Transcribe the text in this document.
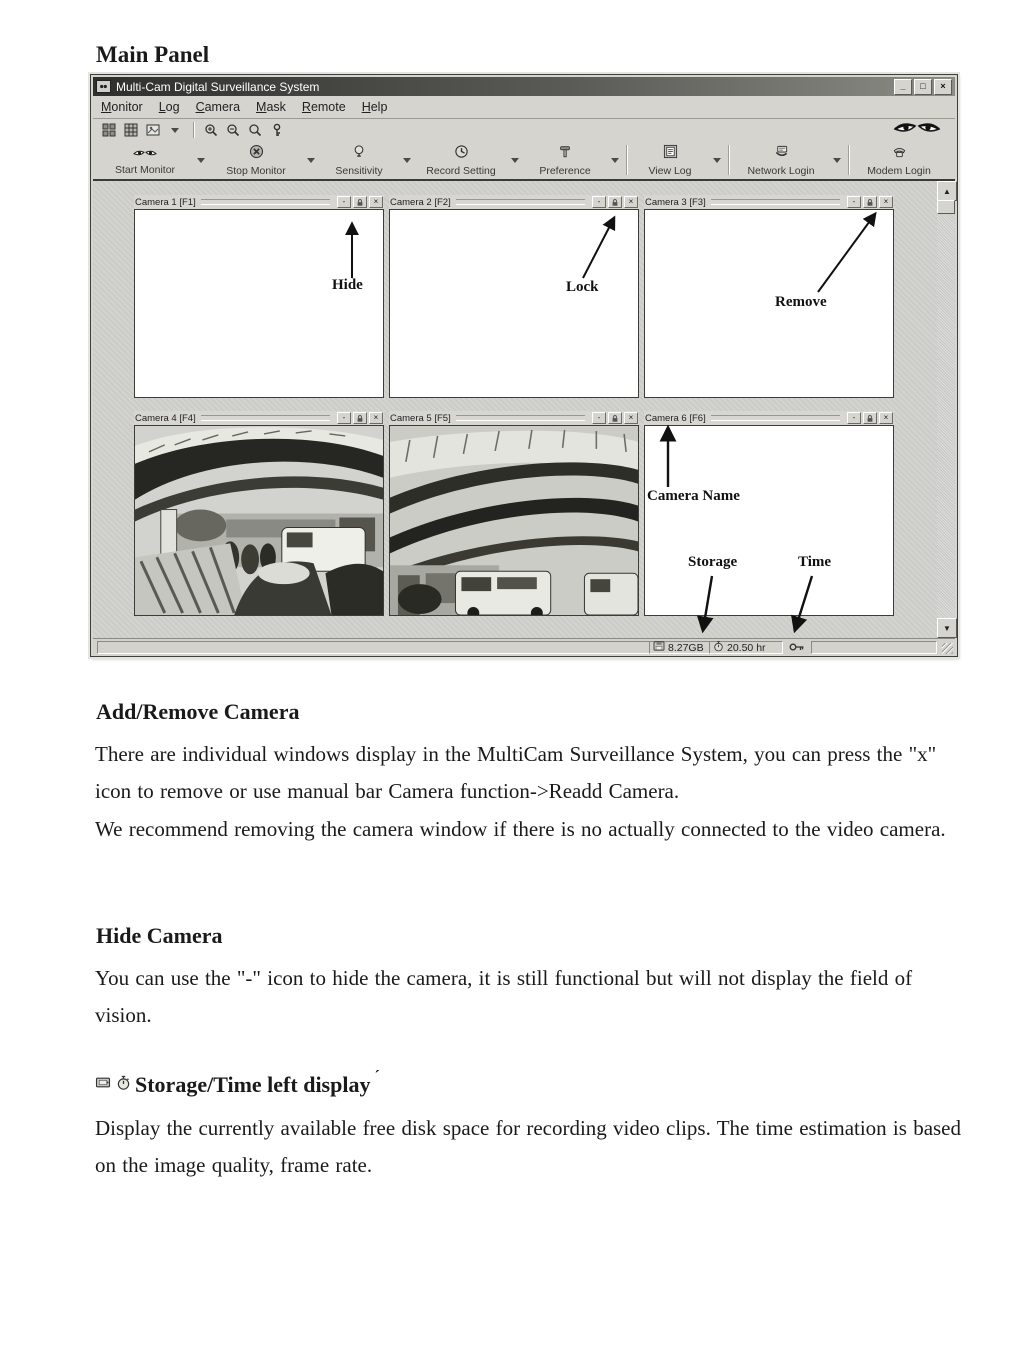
Main Panel
Multi-Cam Digital Surveillance System	_	□	×
Monitor	Log	Camera	Mask	Remote	Help
Start Monitor	Stop Monitor	Sensitivity	Record Setting	Preference	View Log	Network Login	Modem Login
Camera 1 [F1]	-	×	Camera 2 [F2]	-	×	Camera 3 [F3]	-	×
Camera 4 [F4]	-	×	Camera 5 [F5]	-	×	Camera 6 [F6]	-	×
▲
▼
8.27GB 20.50 hr
Hide	Lock
Remove
Camera Name
Storage	Time
Add/Remove Camera
There are individual windows display in the MultiCam Surveillance System, you can press the "x" icon to remove or use manual bar Camera function->Readd Camera.
We recommend removing the camera window if there is no actually connected to the video camera.
Hide Camera
You can use the "-" icon to hide the camera, it is still functional but will not display the field of vision.
Storage/Time left display ´
Display the currently available free disk space for recording video clips. The time estimation is based on the image quality, frame rate.
